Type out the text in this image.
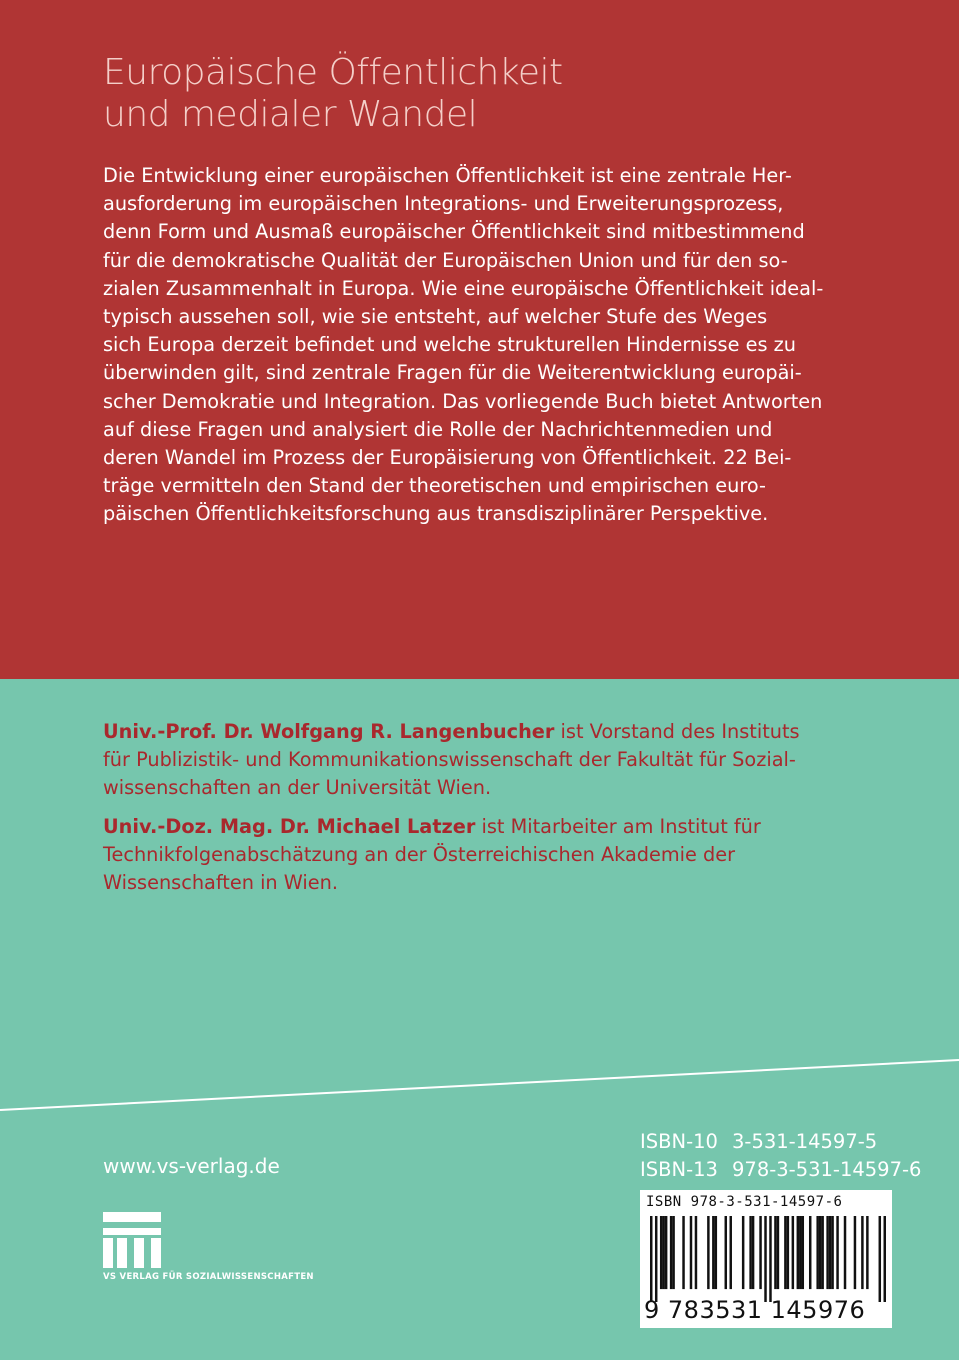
Europäische Öffentlichkeit
und medialer Wandel
Die Entwicklung einer europäischen Öffentlichkeit ist eine zentrale Her-
ausforderung im europäischen Integrations- und Erweiterungsprozess,
denn Form und Ausmaß europäischer Öffentlichkeit sind mitbestimmend
für die demokratische Qualität der Europäischen Union und für den so-
zialen Zusammenhalt in Europa. Wie eine europäische Öffentlichkeit ideal-
typisch aussehen soll, wie sie entsteht, auf welcher Stufe des Weges
sich Europa derzeit befindet und welche strukturellen Hindernisse es zu
überwinden gilt, sind zentrale Fragen für die Weiterentwicklung europäi-
scher Demokratie und Integration. Das vorliegende Buch bietet Antworten
auf diese Fragen und analysiert die Rolle der Nachrichtenmedien und
deren Wandel im Prozess der Europäisierung von Öffentlichkeit. 22 Bei-
träge vermitteln den Stand der theoretischen und empirischen euro-
päischen Öffentlichkeitsforschung aus transdisziplinärer Perspektive.

Univ.-Prof. Dr. Wolfgang R. Langenbucher ist Vorstand des Instituts
für Publizistik- und Kommunikationswissenschaft der Fakultät für Sozial-
wissenschaften an der Universität Wien.

Univ.-Doz. Mag. Dr. Michael Latzer ist Mitarbeiter am Institut für
Technikfolgenabschätzung an der Österreichischen Akademie der
Wissenschaften in Wien.

www.vs-verlag.de
VS VERLAG FÜR SOZIALWISSENSCHAFTEN
ISBN-10 3-531-14597-5
ISBN-13 978-3-531-14597-6
ISBN 978-3-531-14597-6
9 783531 145976
